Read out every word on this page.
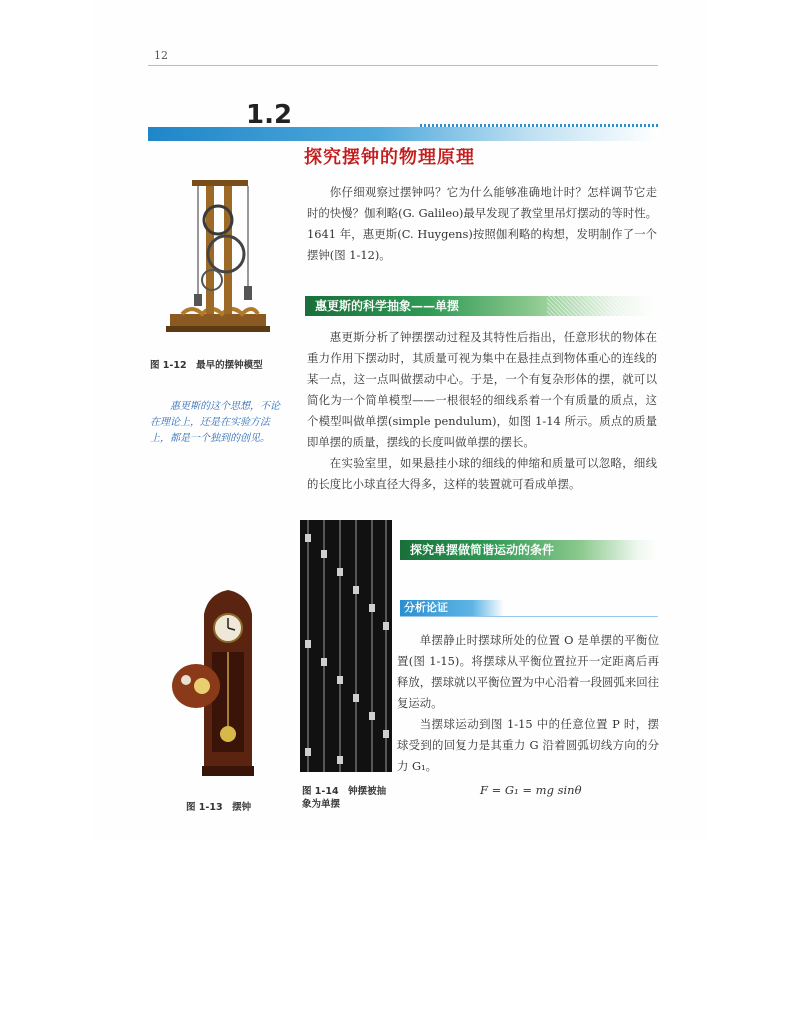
12
1.2
探究摆钟的物理原理
图 1-12　最早的摆钟模型
惠更斯的这个思想，不论在理论上，还是在实验方法上，都是一个独到的创见。

你仔细观察过摆钟吗？它为什么能够准确地计时？怎样调节它走时的快慢？伽利略(G. Galileo)最早发现了教堂里吊灯摆动的等时性。1641 年，惠更斯(C. Huygens)按照伽利略的构想，发明制作了一个摆钟(图 1-12)。

惠更斯的科学抽象——单摆

惠更斯分析了钟摆摆动过程及其特性后指出，任意形状的物体在重力作用下摆动时，其质量可视为集中在悬挂点到物体重心的连线的某一点，这一点叫做摆动中心。于是，一个有复杂形体的摆，就可以简化为一个简单模型——一根很轻的细线系着一个有质量的质点，这个模型叫做单摆(simple pendulum)，如图 1-14 所示。质点的质量即单摆的质量，摆线的长度叫做单摆的摆长。

在实验室里，如果悬挂小球的细线的伸缩和质量可以忽略，细线的长度比小球直径大得多，这样的装置就可看成单摆。

图 1-13　摆钟
图 1-14　钟摆被抽象为单摆
探究单摆做简谐运动的条件
分析论证

单摆静止时摆球所处的位置 O 是单摆的平衡位置(图 1-15)。将摆球从平衡位置拉开一定距离后再释放，摆球就以平衡位置为中心沿着一段圆弧来回往复运动。

当摆球运动到图 1-15 中的任意位置 P 时，摆球受到的回复力是其重力 G 沿着圆弧切线方向的分力 G₁。

F = G₁ = mg sinθ
